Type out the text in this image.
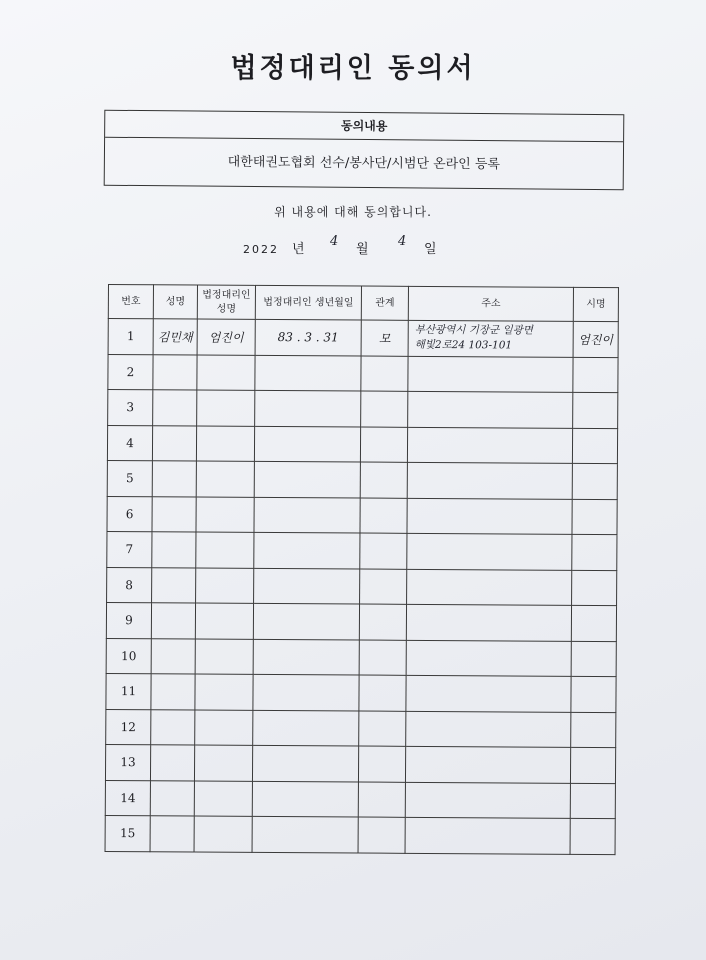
법정대리인 동의서
동의내용
대한태권도협회 선수/봉사단/시범단 온라인 등록
위 내용에 대해 동의합니다.
2022 년
4
월
4
일
번호	성명	법정대리인 성명	법정대리인 생년월일	관계	주소	시명
1	김민채	엄진이	83 . 3 . 31	모	부산광역시 기장군 일광면
해빛2로24 103-101	엄진이
2					

3					

4					

5					

6					

7					

8					

9					

10					

11					

12					

13					

14					

15					
